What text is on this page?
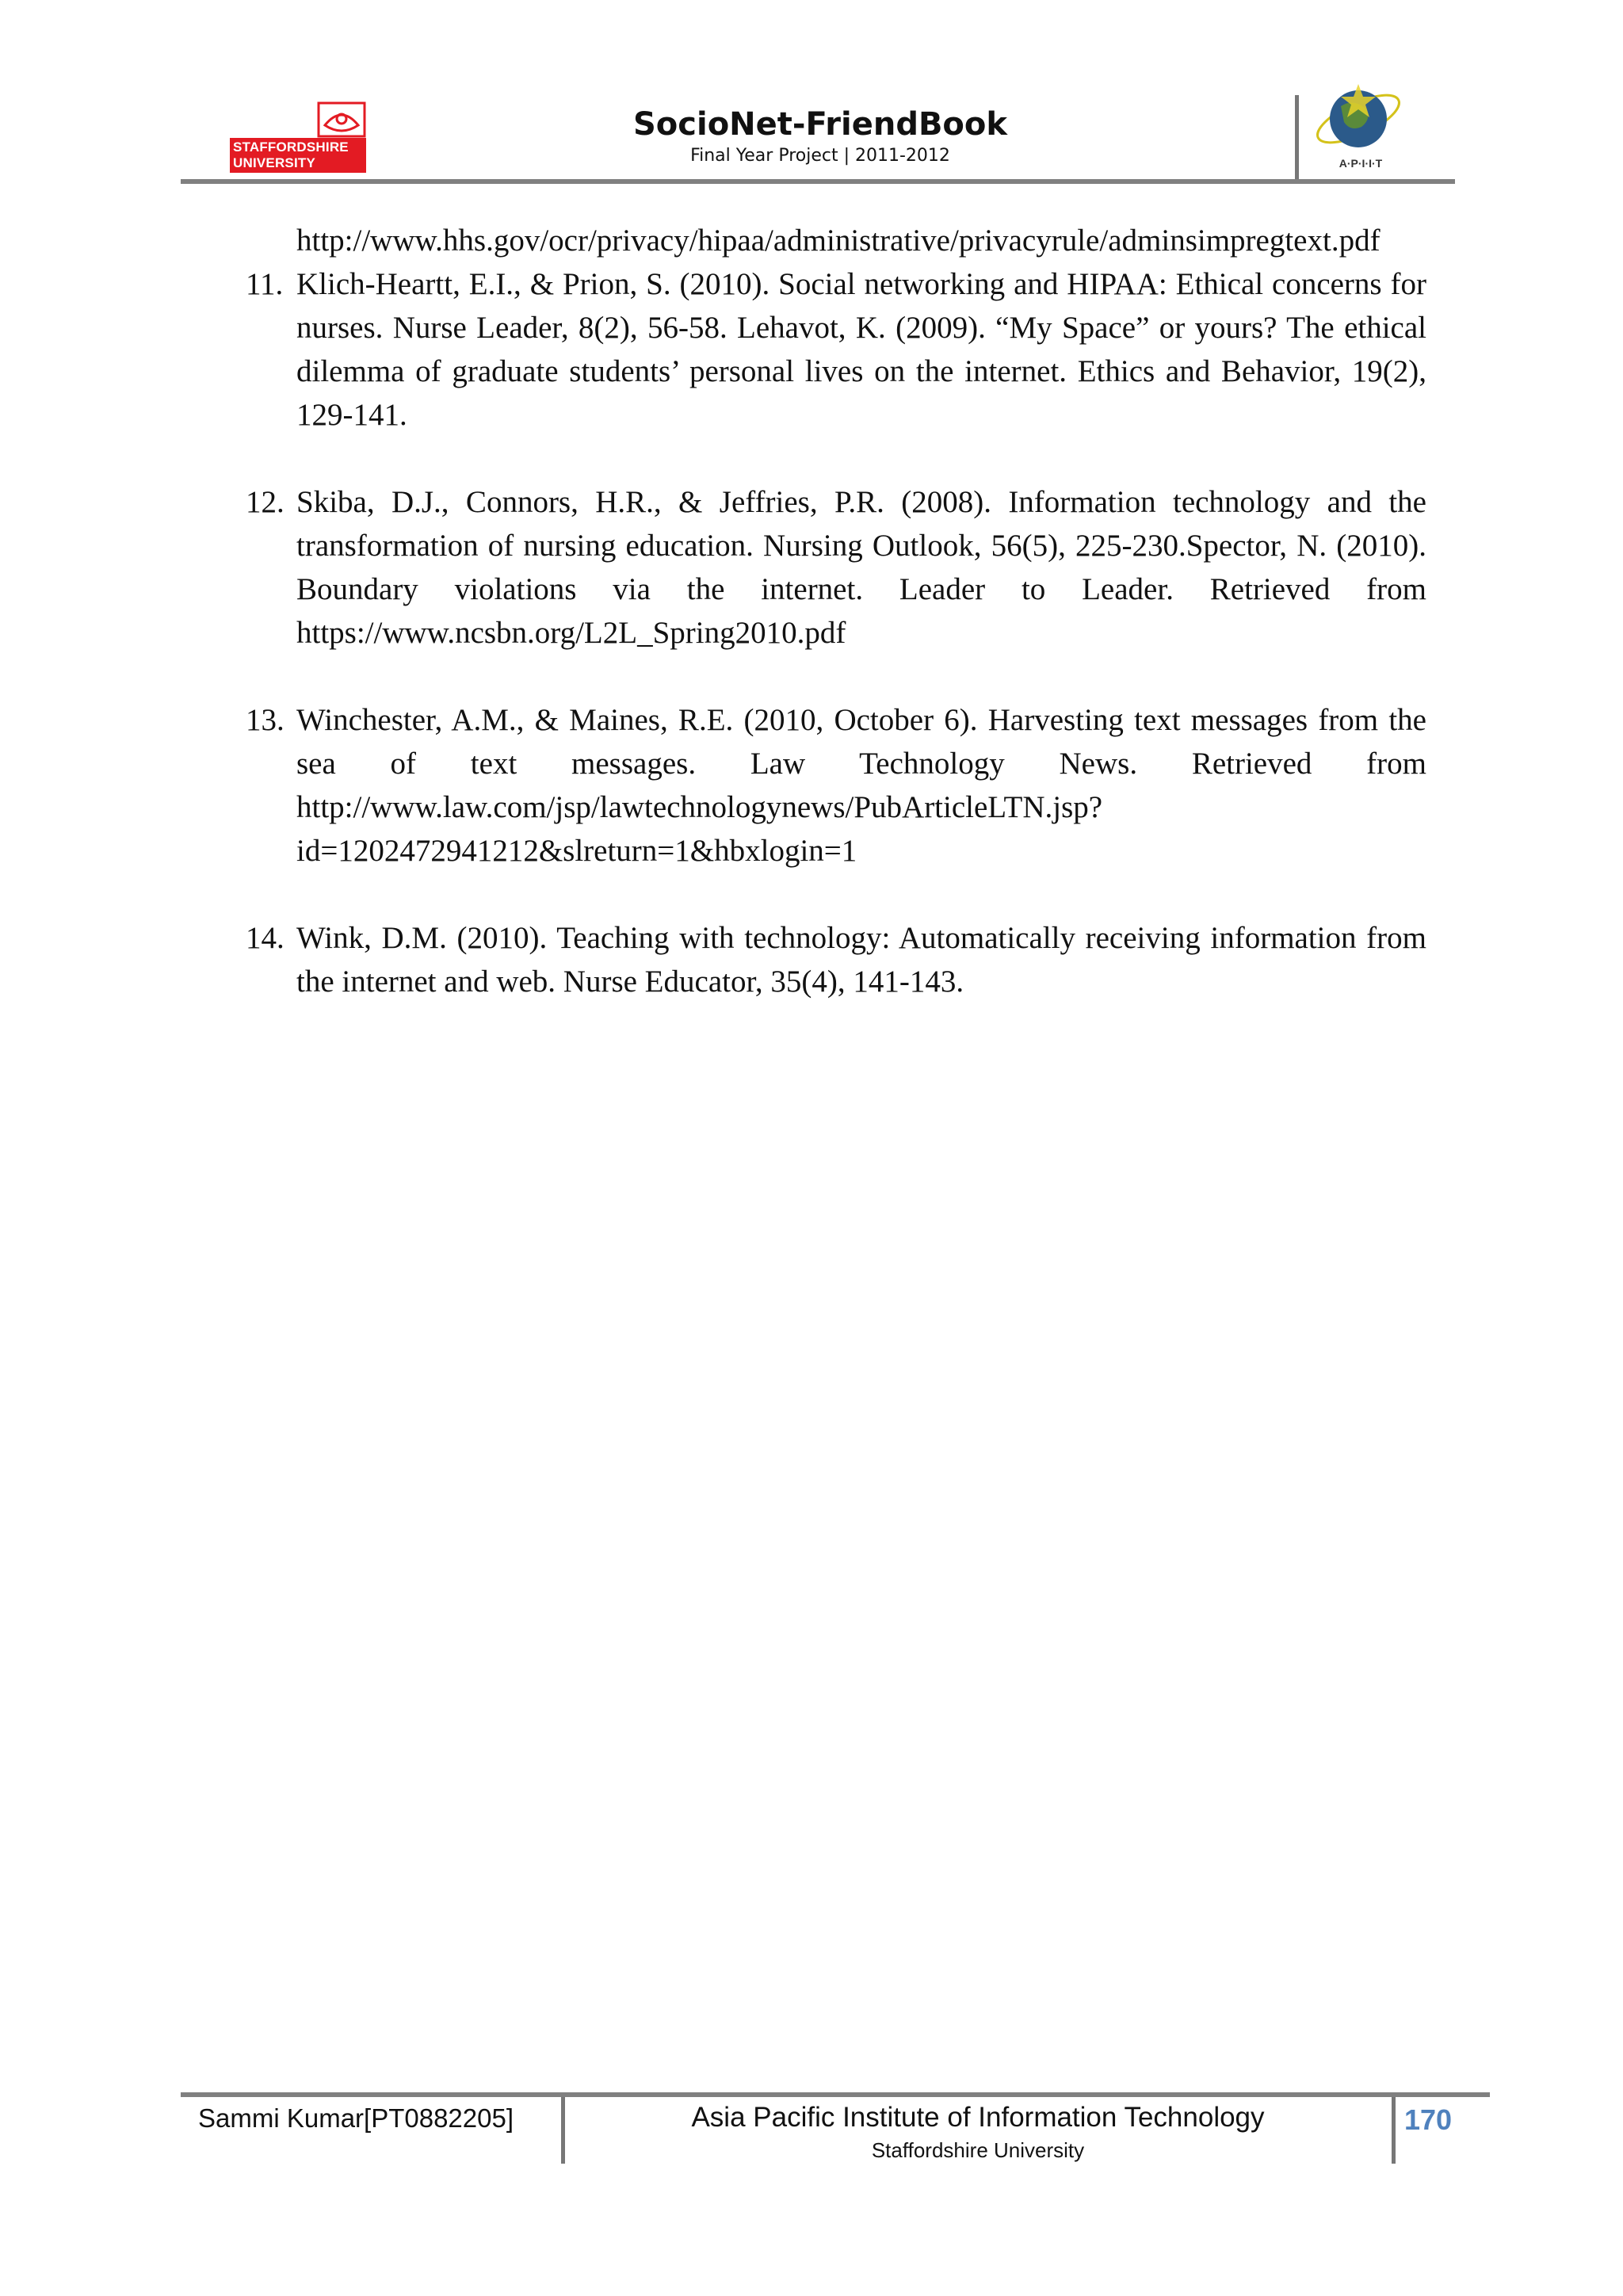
STAFFORDSHIRE
UNIVERSITY
SocioNet-FriendBook
Final Year Project | 2011-2012	A·P·I·I·T
http://www.hhs.gov/ocr/privacy/hipaa/administrative/privacyrule/adminsimpregtext.pdf
11. Klich-Heartt, E.I., & Prion, S. (2010). Social networking and HIPAA: Ethical concerns for nurses. Nurse Leader, 8(2), 56-58. Lehavot, K. (2009). “My Space” or yours? The ethical dilemma of graduate students’ personal lives on the internet. Ethics and Behavior, 19(2), 129-141.
12. Skiba, D.J., Connors, H.R., & Jeffries, P.R. (2008). Information technology and the transformation of nursing education. Nursing Outlook, 56(5), 225-230.Spector, N. (2010). Boundary violations via the internet. Leader to Leader. Retrieved from https://www.ncsbn.org/L2L_Spring2010.pdf
13. Winchester, A.M., & Maines, R.E. (2010, October 6). Harvesting text messages from the sea of text messages. Law Technology News. Retrieved from http://www.law.com/jsp/lawtechnologynews/PubArticleLTN.jsp?id=1202472941212&slreturn=1&hbxlogin=1
14. Wink, D.M. (2010). Teaching with technology: Automatically receiving information from the internet and web. Nurse Educator, 35(4), 141-143.
Sammi Kumar[PT0882205]	Asia Pacific Institute of Information Technology
Staffordshire University
170
